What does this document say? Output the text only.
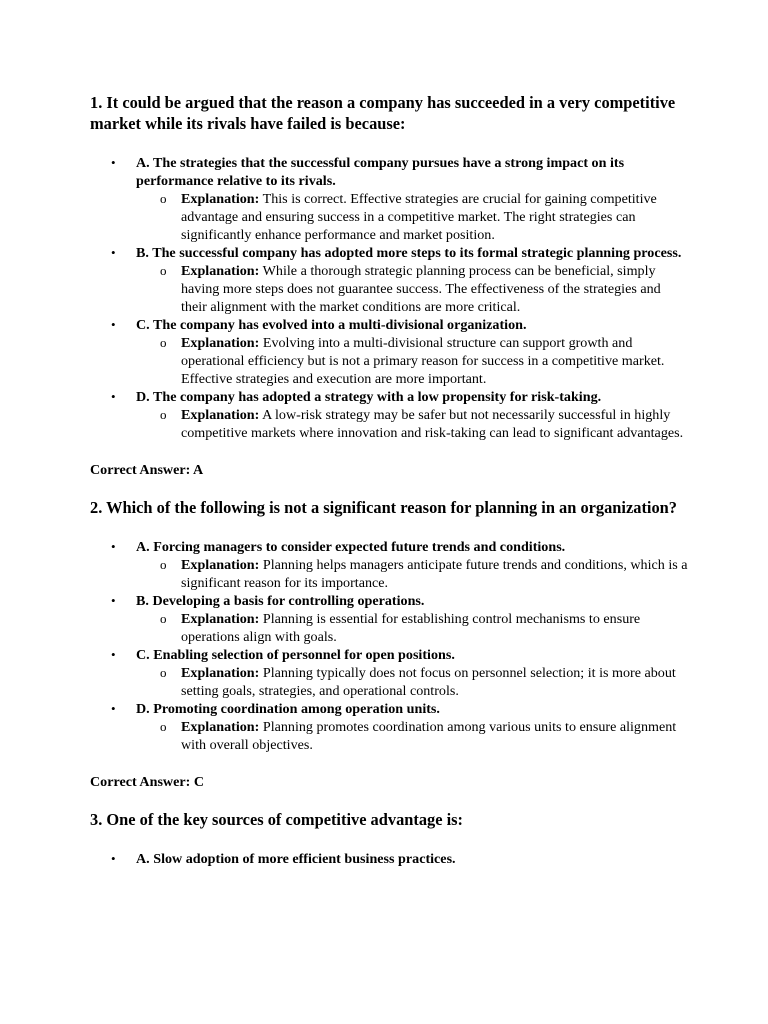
1. It could be argued that the reason a company has succeeded in a very competitive market while its rivals have failed is because:
• A. The strategies that the successful company pursues have a strong impact on its performance relative to its rivals.
o Explanation: This is correct. Effective strategies are crucial for gaining competitive advantage and ensuring success in a competitive market. The right strategies can significantly enhance performance and market position.
• B. The successful company has adopted more steps to its formal strategic planning process.
o Explanation: While a thorough strategic planning process can be beneficial, simply having more steps does not guarantee success. The effectiveness of the strategies and their alignment with the market conditions are more critical.
• C. The company has evolved into a multi-divisional organization.
o Explanation: Evolving into a multi-divisional structure can support growth and operational efficiency but is not a primary reason for success in a competitive market. Effective strategies and execution are more important.
• D. The company has adopted a strategy with a low propensity for risk-taking.
o Explanation: A low-risk strategy may be safer but not necessarily successful in highly competitive markets where innovation and risk-taking can lead to significant advantages.
Correct Answer: A
2. Which of the following is not a significant reason for planning in an organization?
• A. Forcing managers to consider expected future trends and conditions.
o Explanation: Planning helps managers anticipate future trends and conditions, which is a significant reason for its importance.
• B. Developing a basis for controlling operations.
o Explanation: Planning is essential for establishing control mechanisms to ensure operations align with goals.
• C. Enabling selection of personnel for open positions.
o Explanation: Planning typically does not focus on personnel selection; it is more about setting goals, strategies, and operational controls.
• D. Promoting coordination among operation units.
o Explanation: Planning promotes coordination among various units to ensure alignment with overall objectives.
Correct Answer: C
3. One of the key sources of competitive advantage is:
• A. Slow adoption of more efficient business practices.
